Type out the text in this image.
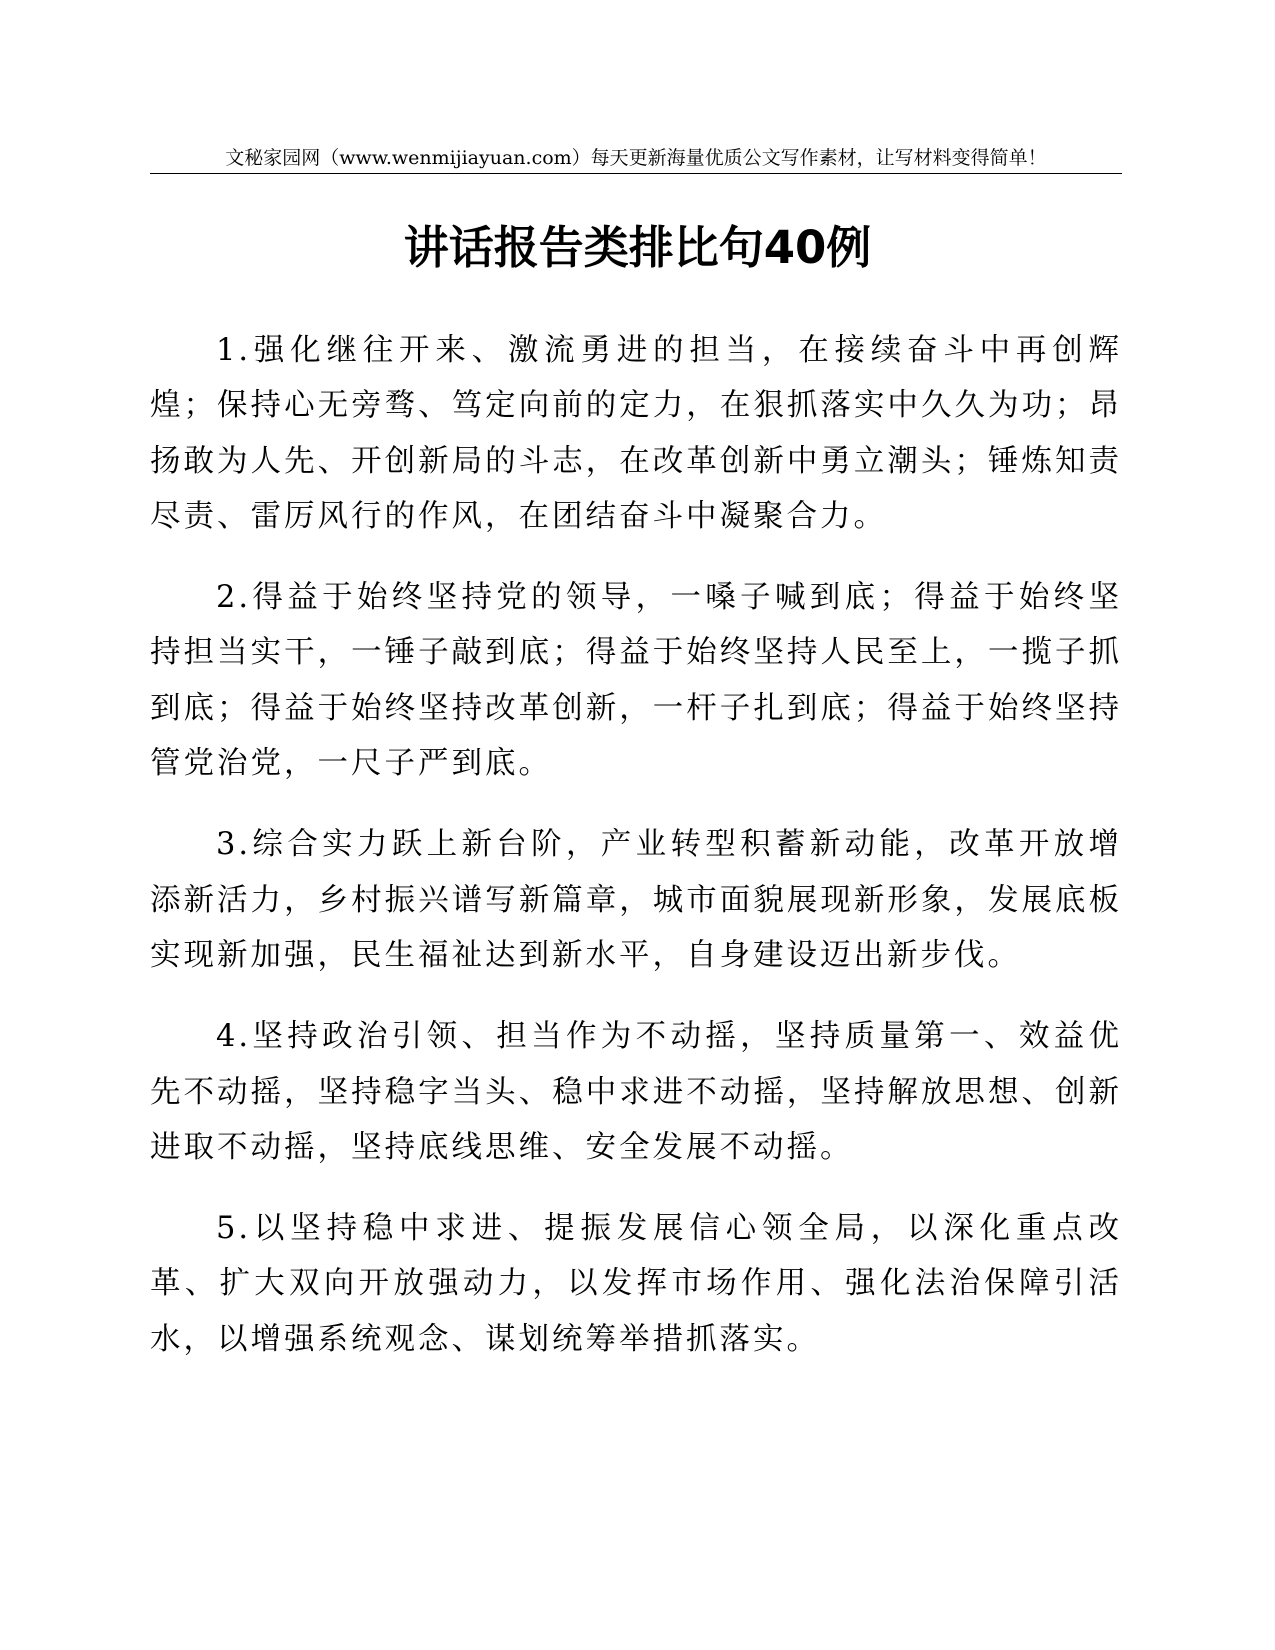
文秘家园网（www.wenmijiayuan.com）每天更新海量优质公文写作素材，让写材料变得简单！
讲话报告类排比句40例

1.强化继往开来、激流勇进的担当，在接续奋斗中再创辉煌；保持心无旁骛、笃定向前的定力，在狠抓落实中久久为功；昂扬敢为人先、开创新局的斗志，在改革创新中勇立潮头；锤炼知责尽责、雷厉风行的作风，在团结奋斗中凝聚合力。

2.得益于始终坚持党的领导，一嗓子喊到底；得益于始终坚持担当实干，一锤子敲到底；得益于始终坚持人民至上，一揽子抓到底；得益于始终坚持改革创新，一杆子扎到底；得益于始终坚持管党治党，一尺子严到底。

3.综合实力跃上新台阶，产业转型积蓄新动能，改革开放增添新活力，乡村振兴谱写新篇章，城市面貌展现新形象，发展底板实现新加强，民生福祉达到新水平，自身建设迈出新步伐。

4.坚持政治引领、担当作为不动摇，坚持质量第一、效益优先不动摇，坚持稳字当头、稳中求进不动摇，坚持解放思想、创新进取不动摇，坚持底线思维、安全发展不动摇。

5.以坚持稳中求进、提振发展信心领全局，以深化重点改革、扩大双向开放强动力，以发挥市场作用、强化法治保障引活水，以增强系统观念、谋划统筹举措抓落实。
